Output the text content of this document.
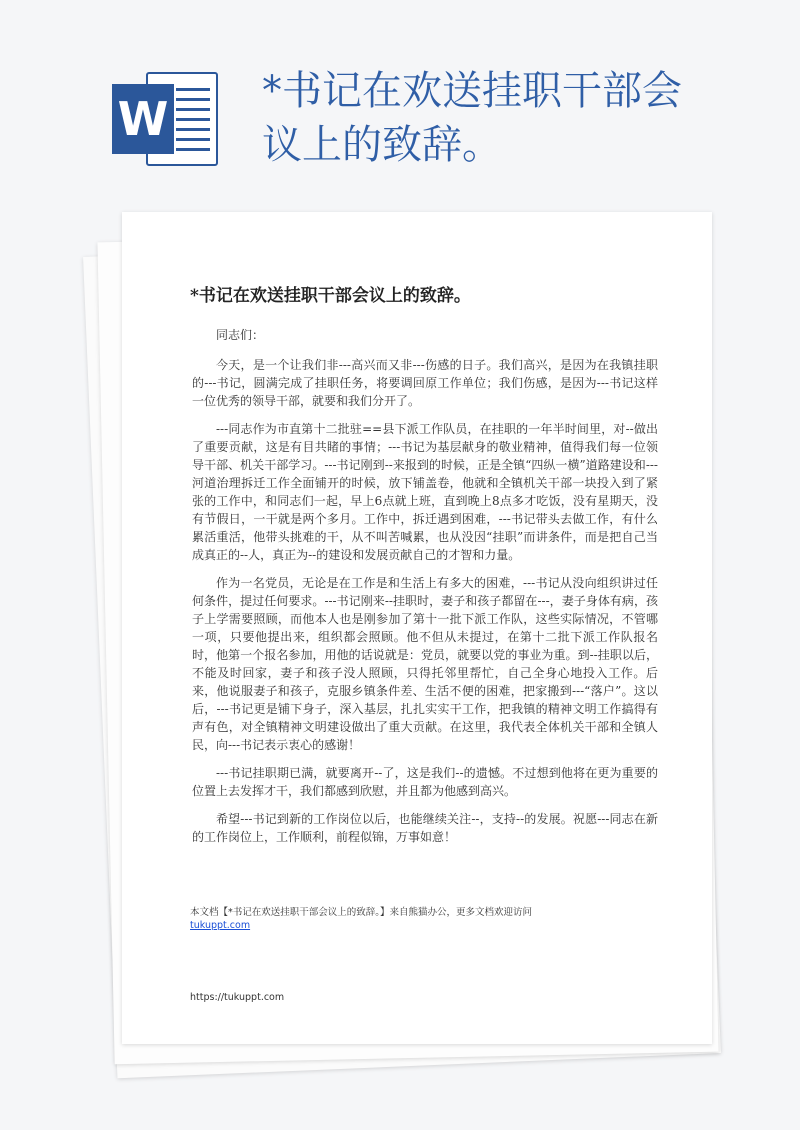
W
*书记在欢送挂职干部会议上的致辞。
*书记在欢送挂职干部会议上的致辞。

同志们：

今天，是一个让我们非---高兴而又非---伤感的日子。我们高兴，是因为在我镇挂职的---书记，圆满完成了挂职任务，将要调回原工作单位；我们伤感，是因为---书记这样一位优秀的领导干部，就要和我们分开了。

---同志作为市直第十二批驻==县下派工作队员，在挂职的一年半时间里，对--做出了重要贡献，这是有目共睹的事情；---书记为基层献身的敬业精神，值得我们每一位领导干部、机关干部学习。---书记刚到--来报到的时候，正是全镇“四纵一横”道路建设和---河道治理拆迁工作全面铺开的时候，放下铺盖卷，他就和全镇机关干部一块投入到了紧张的工作中，和同志们一起，早上6点就上班，直到晚上8点多才吃饭，没有星期天，没有节假日，一干就是两个多月。工作中，拆迁遇到困难，---书记带头去做工作，有什么累活重活，他带头挑难的干，从不叫苦喊累，也从没因“挂职”而讲条件，而是把自己当成真正的--人，真正为--的建设和发展贡献自己的才智和力量。

作为一名党员，无论是在工作是和生活上有多大的困难，---书记从没向组织讲过任何条件，提过任何要求。---书记刚来--挂职时，妻子和孩子都留在---，妻子身体有病，孩子上学需要照顾，而他本人也是刚参加了第十一批下派工作队，这些实际情况，不管哪一项，只要他提出来，组织都会照顾。他不但从未提过，在第十二批下派工作队报名时，他第一个报名参加，用他的话说就是：党员，就要以党的事业为重。到--挂职以后，不能及时回家，妻子和孩子没人照顾，只得托邻里帮忙，自己全身心地投入工作。后来，他说服妻子和孩子，克服乡镇条件差、生活不便的困难，把家搬到---“落户”。这以后，---书记更是铺下身子，深入基层，扎扎实实干工作，把我镇的精神文明工作搞得有声有色，对全镇精神文明建设做出了重大贡献。在这里，我代表全体机关干部和全镇人民，向---书记表示衷心的感谢！

---书记挂职期已满，就要离开--了，这是我们--的遗憾。不过想到他将在更为重要的位置上去发挥才干，我们都感到欣慰，并且都为他感到高兴。

希望---书记到新的工作岗位以后，也能继续关注--，支持--的发展。祝愿---同志在新的工作岗位上，工作顺利，前程似锦，万事如意！

本文档【*书记在欢送挂职干部会议上的致辞。】来自熊猫办公，更多文档欢迎访问
tukuppt.com
https://tukuppt.com
